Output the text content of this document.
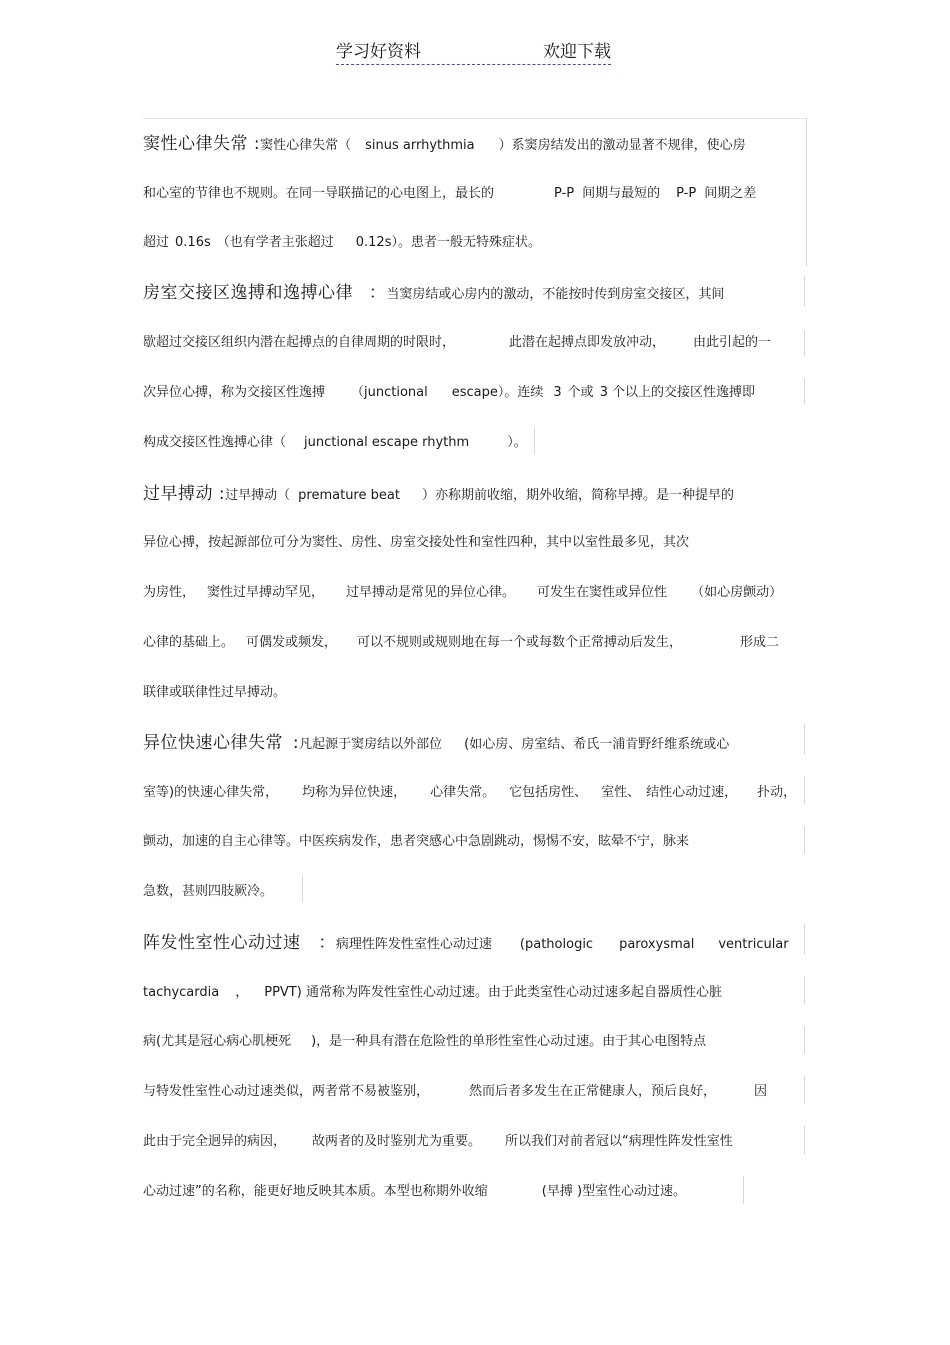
学习好资料	欢迎下载
窦性心律失常 :窦性心律失常（ sinus arrhythmia ）系窦房结发出的激动显著不规律，使心房
和心室的节律也不规则。在同一导联描记的心电图上，最长的	P-P 间期与最短的 P-P 间期之差
超过 0.16s （也有学者主张超过 0.12s）。患者一般无特殊症状。
房室交接区逸搏和逸搏心律 ：当窦房结或心房内的激动，不能按时传到房室交接区，其间
歇超过交接区组织内潜在起搏点的自律周期的时限时，	此潜在起搏点即发放冲动， 由此引起的一
次异位心搏，称为交接区性逸搏 （junctional escape）。连续 3 个或 3 个以上的交接区性逸搏即
构成交接区性逸搏心律（ junctional escape rhythm	）。
过早搏动 :过早搏动（ premature beat ）亦称期前收缩，期外收缩，简称早搏。是一种提早的
异位心搏，按起源部位可分为窦性、房性、房室交接处性和室性四种，其中以室性最多见，其次
为房性， 窦性过早搏动罕见， 过早搏动是常见的异位心律。 可发生在窦性或异位性 （如心房颤动）
心律的基础上。 可偶发或频发， 可以不规则或规则地在每一个或每数个正常搏动后发生，	形成二
联律或联律性过早搏动。
异位快速心律失常 :凡起源于窦房结以外部位 (如心房、房室结、希氏一浦肯野纤维系统或心
室等)的快速心律失常， 均称为异位快速， 心律失常。 它包括房性、 室性、 结性心动过速， 扑动，
颤动，加速的自主心律等。中医疾病发作，患者突感心中急剧跳动，惕惕不安，眩晕不宁，脉来
急数，甚则四肢厥冷。
阵发性室性心动过速 ：病理性阵发性室性心动过速 (pathologic paroxysmal ventricular
tachycardia ， PPVT) 通常称为阵发性室性心动过速。由于此类室性心动过速多起自器质性心脏
病(尤其是冠心病心肌梗死 )，是一种具有潜在危险性的单形性室性心动过速。由于其心电图特点
与特发性室性心动过速类似，两者常不易被鉴别，	然而后者多发生在正常健康人，预后良好，	因
此由于完全迥异的病因， 故两者的及时鉴别尤为重要。 所以我们对前者冠以“病理性阵发性室性
心动过速”的名称，能更好地反映其本质。本型也称期外收缩	(早搏 )型室性心动过速。
